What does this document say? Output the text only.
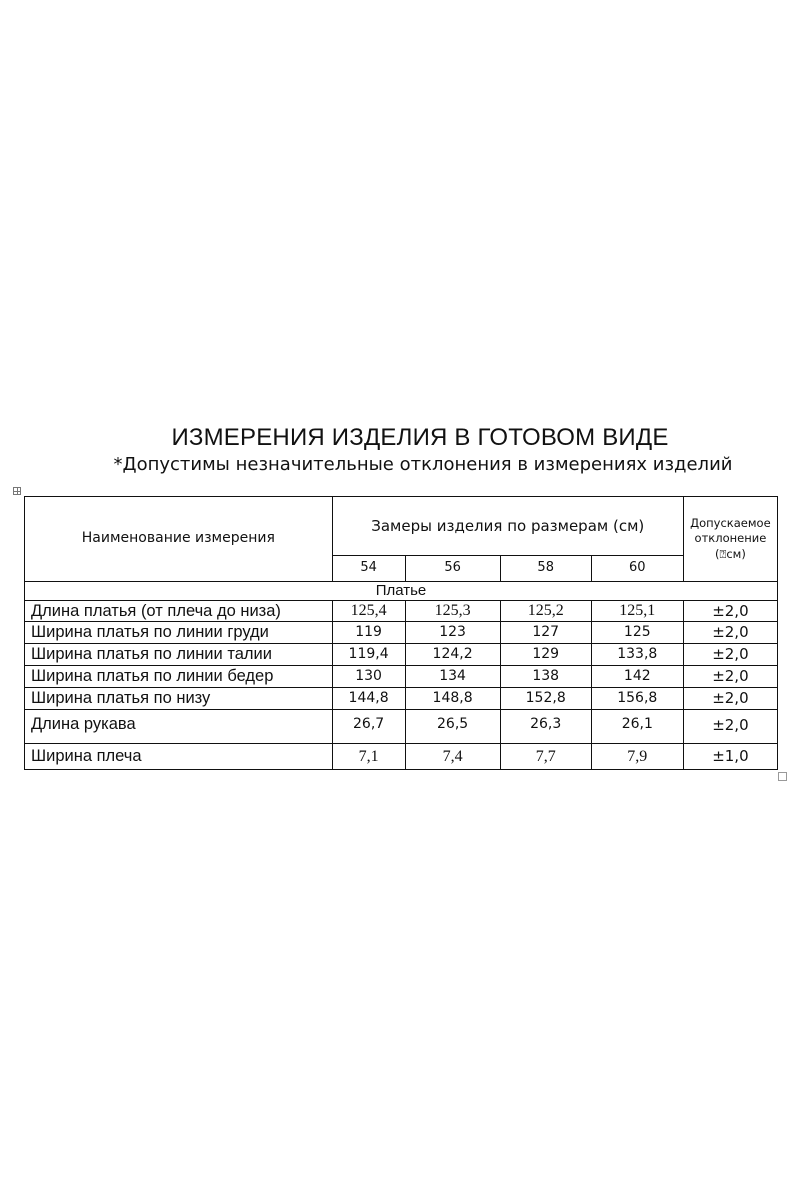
ИЗМЕРЕНИЯ ИЗДЕЛИЯ В ГОТОВОМ ВИДЕ
*Допустимы незначительные отклонения в измерениях изделий
Наименование измерения	Замеры изделия по размерам (см)				Допускаемое отклонение (⍰см)
	54	56	58	60	
Платье					
Длина платья (от плеча до низа)	125,4	125,3	125,2	125,1	±2,0
Ширина платья по линии груди	119	123	127	125	±2,0
Ширина платья по линии талии	119,4	124,2	129	133,8	±2,0
Ширина платья по линии бедер	130	134	138	142	±2,0
Ширина платья по низу	144,8	148,8	152,8	156,8	±2,0
Длина рукава	26,7	26,5	26,3	26,1	±2,0
Ширина плеча	7,1	7,4	7,7	7,9	±1,0
